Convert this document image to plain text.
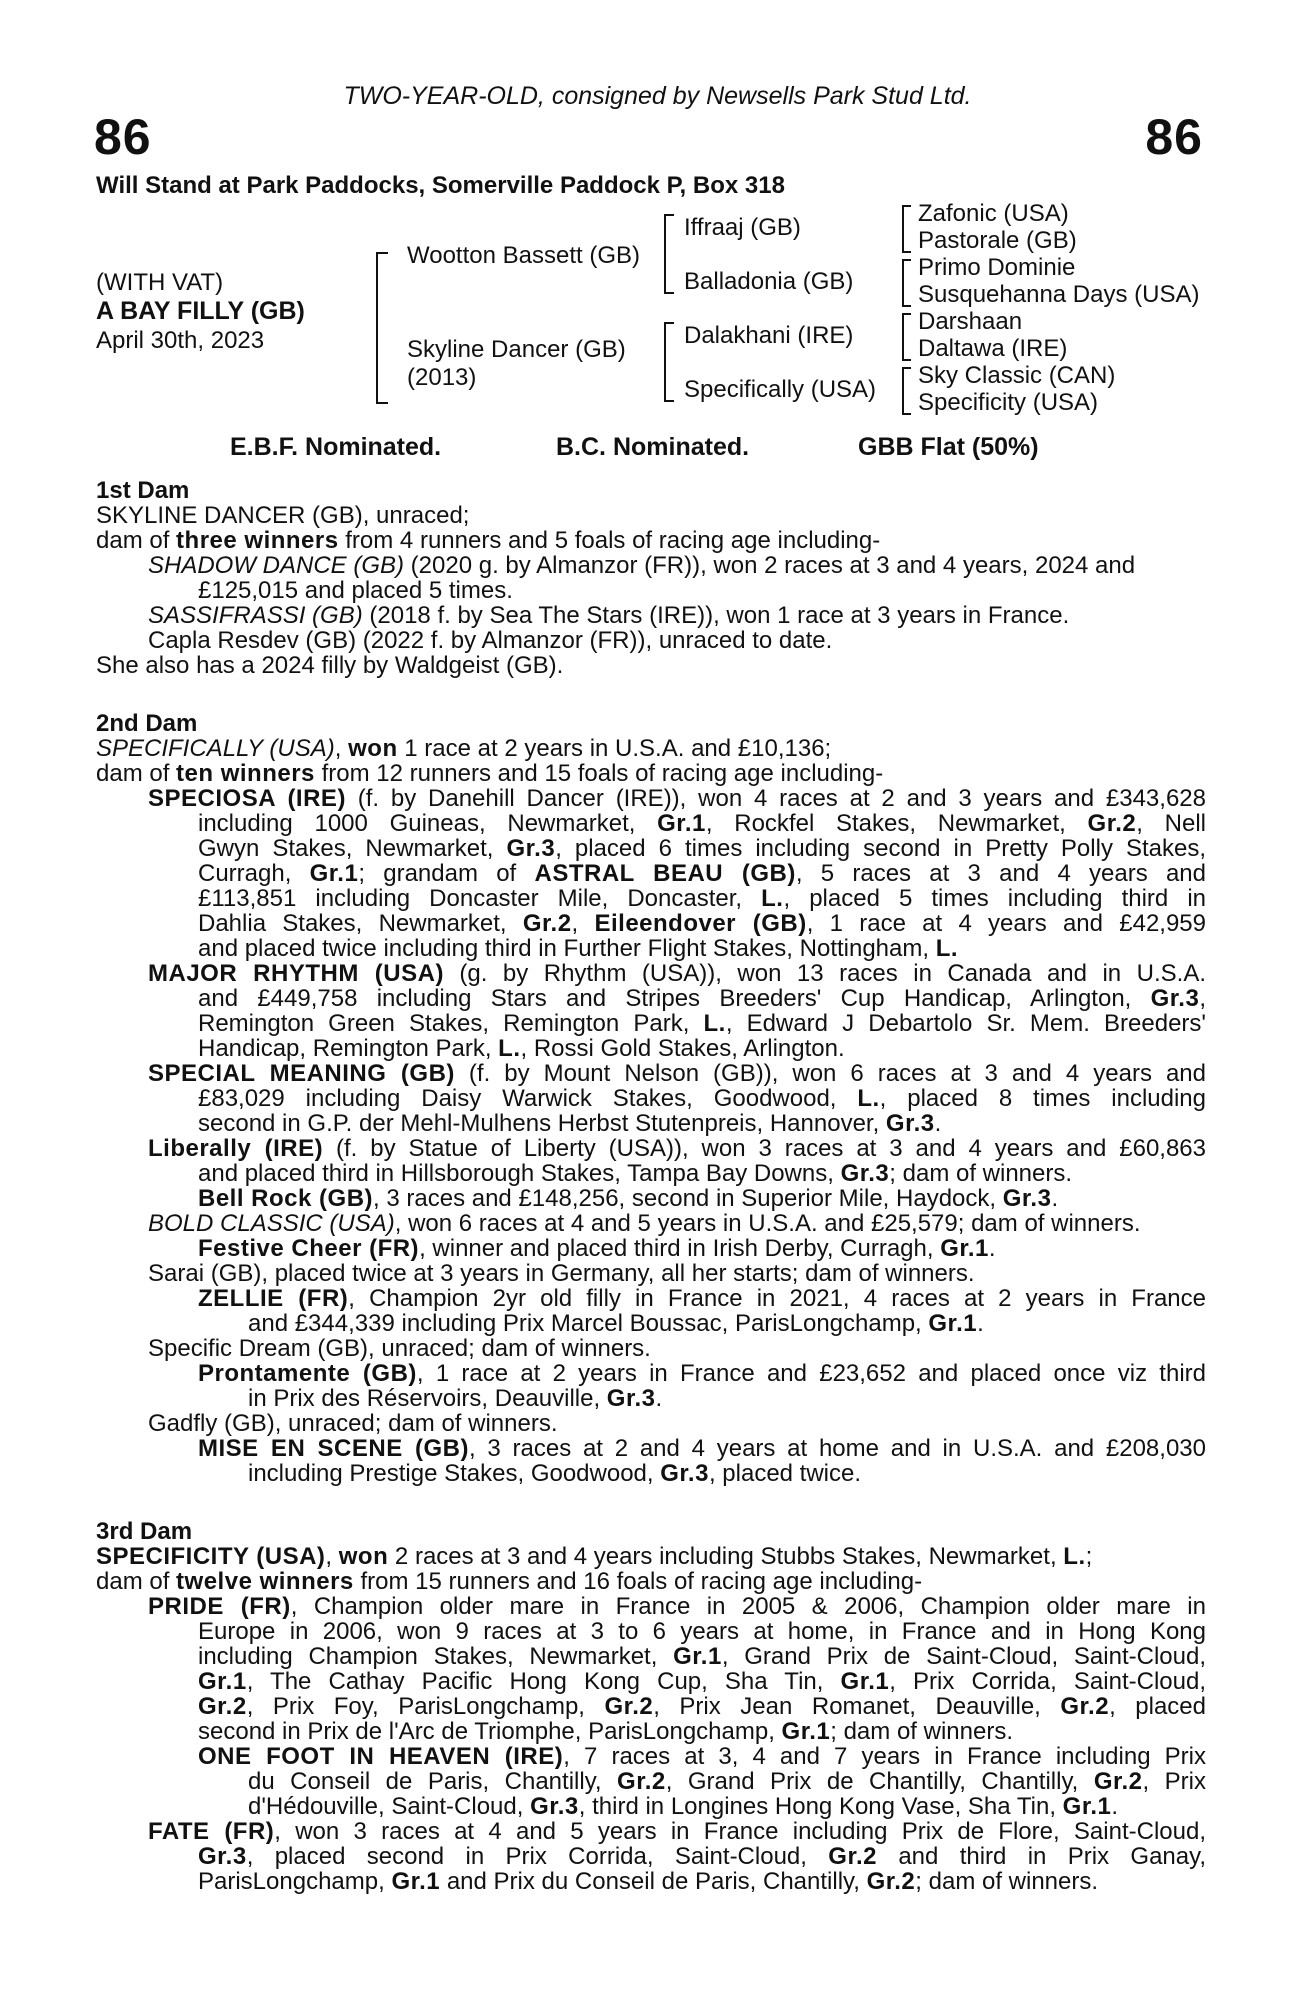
TWO-YEAR-OLD, consigned by Newsells Park Stud Ltd.
86	86
Will Stand at Park Paddocks, Somerville Paddock P, Box 318
(WITH VAT)
A BAY FILLY (GB)
April 30th, 2023
Wootton Bassett (GB)
Skyline Dancer (GB)
(2013)
Iffraaj (GB)
Balladonia (GB)
Dalakhani (IRE)
Specifically (USA)
Zafonic (USA)
Pastorale (GB)
Primo Dominie
Susquehanna Days (USA)
Darshaan
Daltawa (IRE)
Sky Classic (CAN)
Specificity (USA)
E.B.F. Nominated.	B.C. Nominated.	GBB Flat (50%)
1st Dam
SKYLINE DANCER (GB), unraced;
dam of three winners from 4 runners and 5 foals of racing age including-
SHADOW DANCE (GB) (2020 g. by Almanzor (FR)), won 2 races at 3 and 4 years, 2024 and
£125,015 and placed 5 times.
SASSIFRASSI (GB) (2018 f. by Sea The Stars (IRE)), won 1 race at 3 years in France.
Capla Resdev (GB) (2022 f. by Almanzor (FR)), unraced to date.
She also has a 2024 filly by Waldgeist (GB).
2nd Dam
SPECIFICALLY (USA), won 1 race at 2 years in U.S.A. and £10,136;
dam of ten winners from 12 runners and 15 foals of racing age including-
SPECIOSA (IRE) (f. by Danehill Dancer (IRE)), won 4 races at 2 and 3 years and £343,628
including 1000 Guineas, Newmarket, Gr.1, Rockfel Stakes, Newmarket, Gr.2, Nell
Gwyn Stakes, Newmarket, Gr.3, placed 6 times including second in Pretty Polly Stakes,
Curragh, Gr.1; grandam of ASTRAL BEAU (GB), 5 races at 3 and 4 years and
£113,851 including Doncaster Mile, Doncaster, L., placed 5 times including third in
Dahlia Stakes, Newmarket, Gr.2, Eileendover (GB), 1 race at 4 years and £42,959
and placed twice including third in Further Flight Stakes, Nottingham, L.
MAJOR RHYTHM (USA) (g. by Rhythm (USA)), won 13 races in Canada and in U.S.A.
and £449,758 including Stars and Stripes Breeders' Cup Handicap, Arlington, Gr.3,
Remington Green Stakes, Remington Park, L., Edward J Debartolo Sr. Mem. Breeders'
Handicap, Remington Park, L., Rossi Gold Stakes, Arlington.
SPECIAL MEANING (GB) (f. by Mount Nelson (GB)), won 6 races at 3 and 4 years and
£83,029 including Daisy Warwick Stakes, Goodwood, L., placed 8 times including
second in G.P. der Mehl-Mulhens Herbst Stutenpreis, Hannover, Gr.3.
Liberally (IRE) (f. by Statue of Liberty (USA)), won 3 races at 3 and 4 years and £60,863
and placed third in Hillsborough Stakes, Tampa Bay Downs, Gr.3; dam of winners.
Bell Rock (GB), 3 races and £148,256, second in Superior Mile, Haydock, Gr.3.
BOLD CLASSIC (USA), won 6 races at 4 and 5 years in U.S.A. and £25,579; dam of winners.
Festive Cheer (FR), winner and placed third in Irish Derby, Curragh, Gr.1.
Sarai (GB), placed twice at 3 years in Germany, all her starts; dam of winners.
ZELLIE (FR), Champion 2yr old filly in France in 2021, 4 races at 2 years in France
and £344,339 including Prix Marcel Boussac, ParisLongchamp, Gr.1.
Specific Dream (GB), unraced; dam of winners.
Prontamente (GB), 1 race at 2 years in France and £23,652 and placed once viz third
in Prix des Réservoirs, Deauville, Gr.3.
Gadfly (GB), unraced; dam of winners.
MISE EN SCENE (GB), 3 races at 2 and 4 years at home and in U.S.A. and £208,030
including Prestige Stakes, Goodwood, Gr.3, placed twice.
3rd Dam
SPECIFICITY (USA), won 2 races at 3 and 4 years including Stubbs Stakes, Newmarket, L.;
dam of twelve winners from 15 runners and 16 foals of racing age including-
PRIDE (FR), Champion older mare in France in 2005 & 2006, Champion older mare in
Europe in 2006, won 9 races at 3 to 6 years at home, in France and in Hong Kong
including Champion Stakes, Newmarket, Gr.1, Grand Prix de Saint-Cloud, Saint-Cloud,
Gr.1, The Cathay Pacific Hong Kong Cup, Sha Tin, Gr.1, Prix Corrida, Saint-Cloud,
Gr.2, Prix Foy, ParisLongchamp, Gr.2, Prix Jean Romanet, Deauville, Gr.2, placed
second in Prix de l'Arc de Triomphe, ParisLongchamp, Gr.1; dam of winners.
ONE FOOT IN HEAVEN (IRE), 7 races at 3, 4 and 7 years in France including Prix
du Conseil de Paris, Chantilly, Gr.2, Grand Prix de Chantilly, Chantilly, Gr.2, Prix
d'Hédouville, Saint-Cloud, Gr.3, third in Longines Hong Kong Vase, Sha Tin, Gr.1.
FATE (FR), won 3 races at 4 and 5 years in France including Prix de Flore, Saint-Cloud,
Gr.3, placed second in Prix Corrida, Saint-Cloud, Gr.2 and third in Prix Ganay,
ParisLongchamp, Gr.1 and Prix du Conseil de Paris, Chantilly, Gr.2; dam of winners.
